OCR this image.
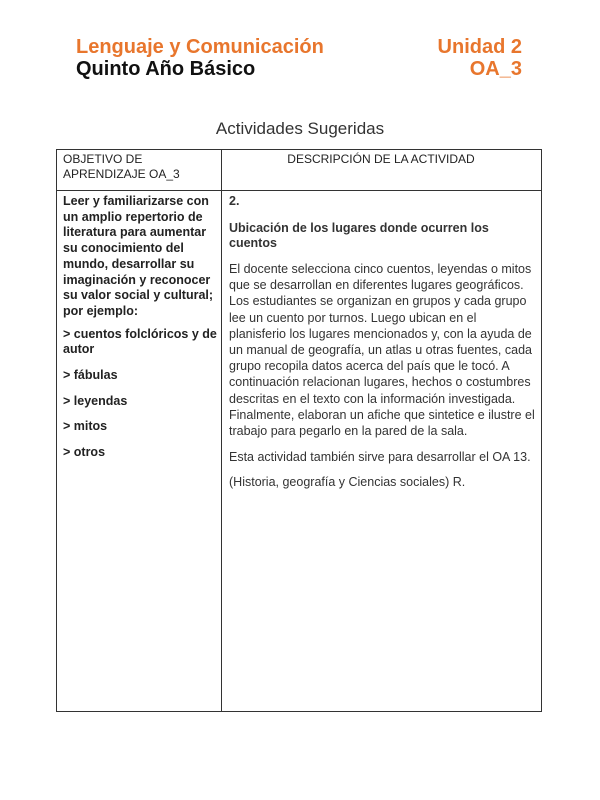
Lenguaje y Comunicación
Quinto Año Básico
Unidad 2
OA_3
Actividades Sugeridas
OBJETIVO DE APRENDIZAJE OA_3
DESCRIPCIÓN DE LA ACTIVIDAD

Leer y familiarizarse con un amplio repertorio de literatura para aumentar su conocimiento del mundo, desarrollar su imaginación y reconocer su valor social y cultural; por ejemplo:

> cuentos folclóricos y de autor

> fábulas

> leyendas

> mitos

> otros

2.

Ubicación de los lugares donde ocurren los cuentos

El docente selecciona cinco cuentos, leyendas o mitos que se desarrollan en diferentes lugares geográficos. Los estudiantes se organizan en grupos y cada grupo lee un cuento por turnos. Luego ubican en el planisferio los lugares mencionados y, con la ayuda de un manual de geografía, un atlas u otras fuentes, cada grupo recopila datos acerca del país que le tocó. A continuación relacionan lugares, hechos o costumbres descritas en el texto con la información investigada. Finalmente, elaboran un afiche que sintetice e ilustre el trabajo para pegarlo en la pared de la sala.

Esta actividad también sirve para desarrollar el OA 13.

(Historia, geografía y Ciencias sociales) R.
